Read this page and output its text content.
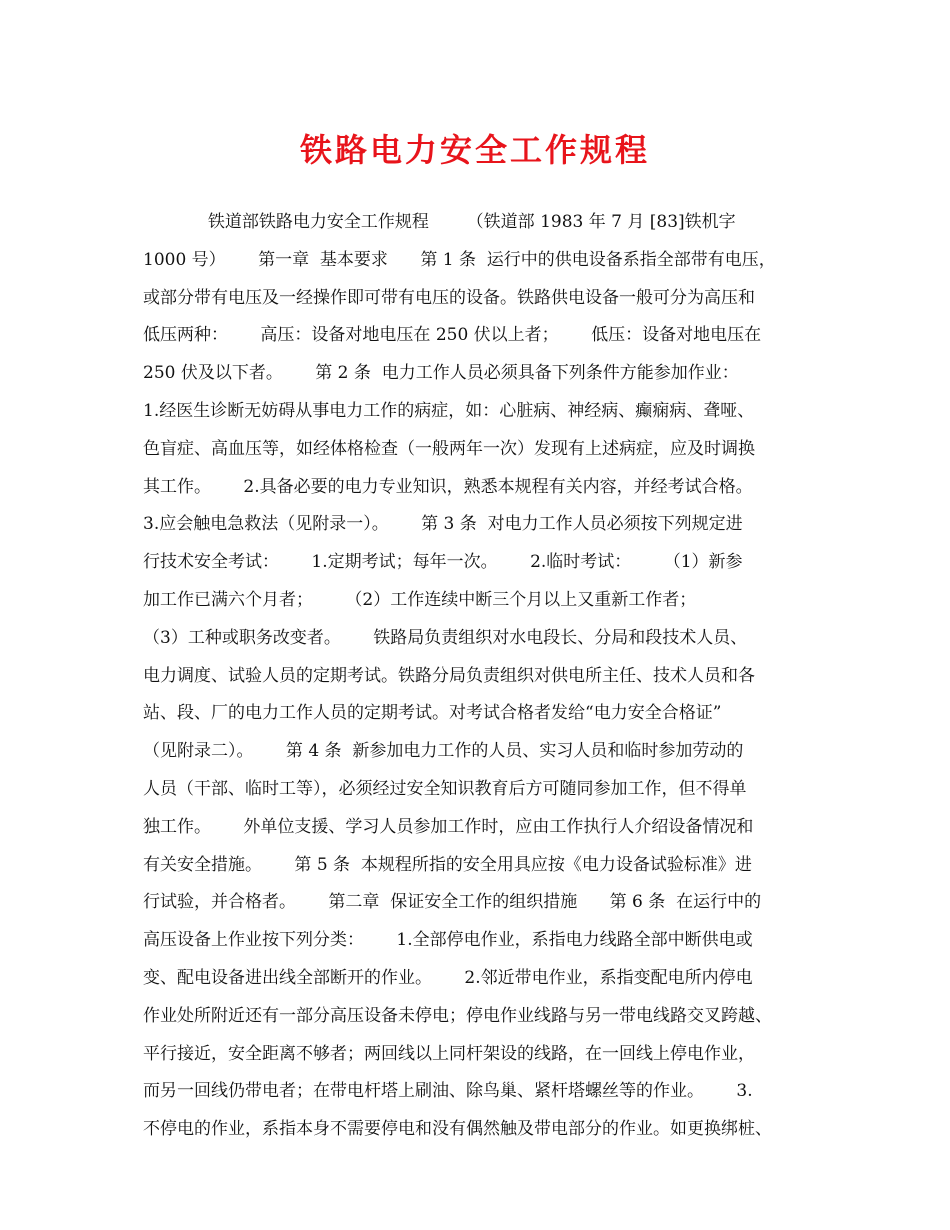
铁路电力安全工作规程
铁道部铁路电力安全工作规程       （铁道部 1983 年 7 月 [83]铁机字
1000 号）      第一章  基本要求      第 1 条  运行中的供电设备系指全部带有电压，
或部分带有电压及一经操作即可带有电压的设备。铁路供电设备一般可分为高压和
低压两种：      高压：设备对地电压在 250 伏以上者；      低压：设备对地电压在
250 伏及以下者。      第 2 条  电力工作人员必须具备下列条件方能参加作业：
1.经医生诊断无妨碍从事电力工作的病症，如：心脏病、神经病、癫痫病、聋哑、
色盲症、高血压等，如经体格检查（一般两年一次）发现有上述病症，应及时调换
其工作。      2.具备必要的电力专业知识，熟悉本规程有关内容，并经考试合格。
3.应会触电急救法（见附录一）。      第 3 条  对电力工作人员必须按下列规定进
行技术安全考试：      1.定期考试；每年一次。      2.临时考试：      （1）新参
加工作已满六个月者；      （2）工作连续中断三个月以上又重新工作者；
（3）工种或职务改变者。      铁路局负责组织对水电段长、分局和段技术人员、
电力调度、试验人员的定期考试。铁路分局负责组织对供电所主任、技术人员和各
站、段、厂的电力工作人员的定期考试。对考试合格者发给“电力安全合格证”
（见附录二）。      第 4 条  新参加电力工作的人员、实习人员和临时参加劳动的
人员（干部、临时工等），必须经过安全知识教育后方可随同参加工作，但不得单
独工作。      外单位支援、学习人员参加工作时，应由工作执行人介绍设备情况和
有关安全措施。      第 5 条  本规程所指的安全用具应按《电力设备试验标准》进
行试验，并合格者。      第二章  保证安全工作的组织措施      第 6 条  在运行中的
高压设备上作业按下列分类：      1.全部停电作业，系指电力线路全部中断供电或
变、配电设备进出线全部断开的作业。      2.邻近带电作业，系指变配电所内停电
作业处所附近还有一部分高压设备未停电；停电作业线路与另一带电线路交叉跨越、
平行接近，安全距离不够者；两回线以上同杆架设的线路，在一回线上停电作业，
而另一回线仍带电者；在带电杆塔上刷油、除鸟巢、紧杆塔螺丝等的作业。      3.
不停电的作业，系指本身不需要停电和没有偶然触及带电部分的作业。如更换绑桩、
